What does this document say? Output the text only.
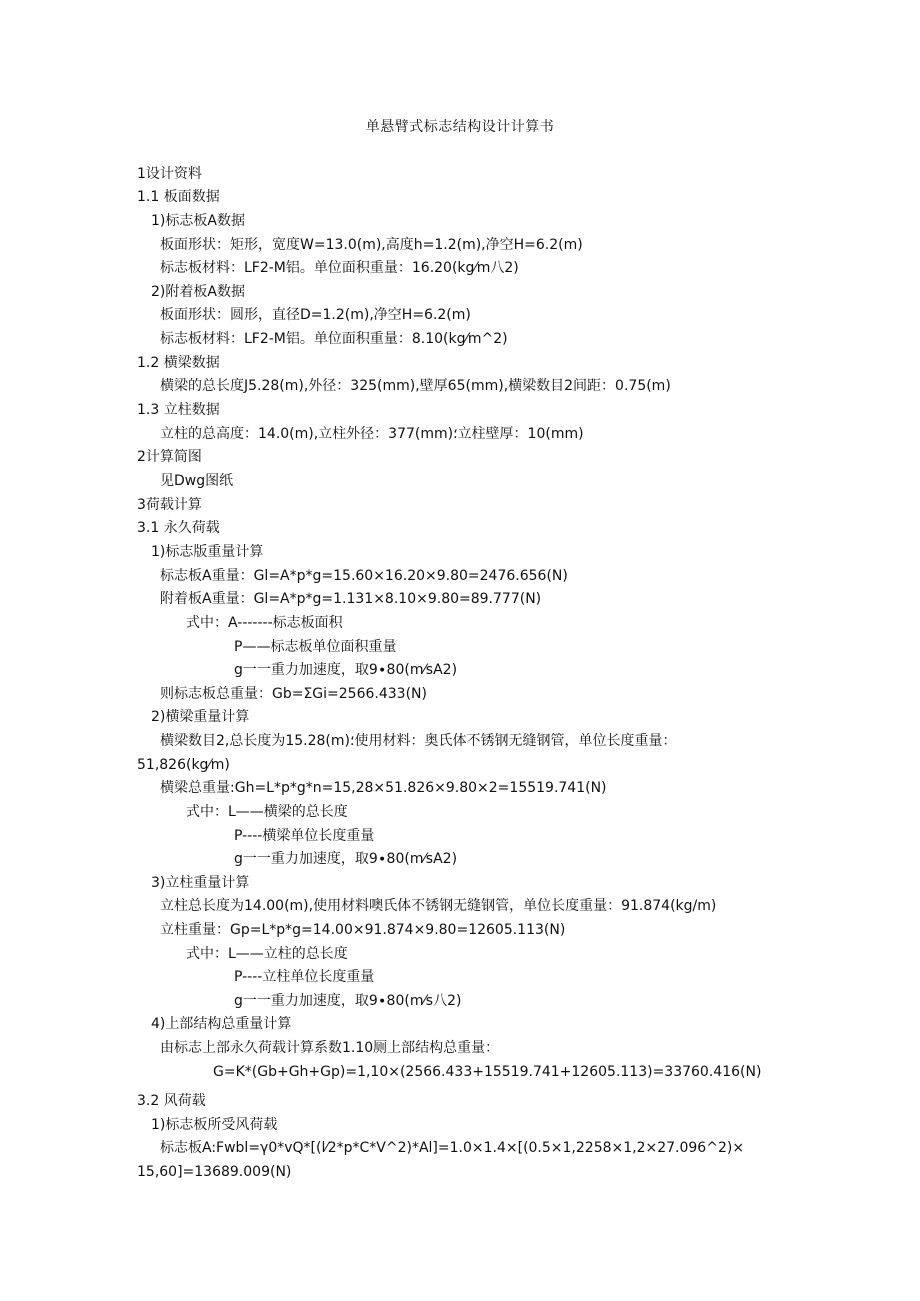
单悬臂式标志结构设计计算书
1设计资料
1.1 板面数据
1)标志板A数据
板面形状：矩形，宽度W=13.0(m),高度h=1.2(m),净空H=6.2(m)
标志板材料：LF2-M铝。单位面积重量：16.20(kg⁄m八2)
2)附着板A数据
板面形状：圆形，直径D=1.2(m),净空H=6.2(m)
标志板材料：LF2-M铝。单位面积重量：8.10(kg⁄m^2)
1.2 横梁数据
横梁的总长度J5.28(m),外径：325(mm),壁厚65(mm),横梁数目2间距：0.75(m)
1.3 立柱数据
立柱的总高度：14.0(m),立柱外径：377(mm)؛立柱壁厚：10(mm)
2计算简图
见Dwg图纸
3荷载计算
3.1 永久荷载
1)标志版重量计算
标志板A重量：Gl=A*p*g=15.60×16.20×9.80=2476.656(N)
附着板A重量：Gl=A*p*g=1.131×8.10×9.80=89.777(N)
式中：A-------标志板面积
P——标志板单位面积重量
g一一重力加速度，取9∙80(m⁄sA2)
则标志板总重量：Gb=ΣGi=2566.433(N)
2)横梁重量计算
横梁数目2,总长度为15.28(m)؛使用材料：奥氏体不锈钢无缝钢管，单位长度重量：
51,826(kg⁄m)
横梁总重量:Gh=L*p*g*n=15,28×51.826×9.80×2=15519.741(N)
式中：L——横梁的总长度
P----横梁单位长度重量
g一一重力加速度，取9∙80(m⁄sA2)
3)立柱重量计算
立柱总长度为14.00(m),使用材料噢氏体不锈钢无缝钢管，单位长度重量：91.874(kg/m)
立柱重量：Gp=L*p*g=14.00×91.874×9.80=12605.113(N)
式中：L——立柱的总长度
P----立柱单位长度重量
g一一重力加速度，取9∙80(m⁄s八2)
4)上部结构总重量计算
由标志上部永久荷载计算系数1.10厕上部结构总重量：
G=K*(Gb+Gh+Gp)=1,10×(2566.433+15519.741+12605.113)=33760.416(N)
3.2 风荷载
1)标志板所受风荷载
标志板A:Fwbl=γ0*vQ*[(l⁄2*p*C*V^2)*Al]=1.0×1.4×[(0.5×1,2258×1,2×27.096^2)×
15,60]=13689.009(N)
